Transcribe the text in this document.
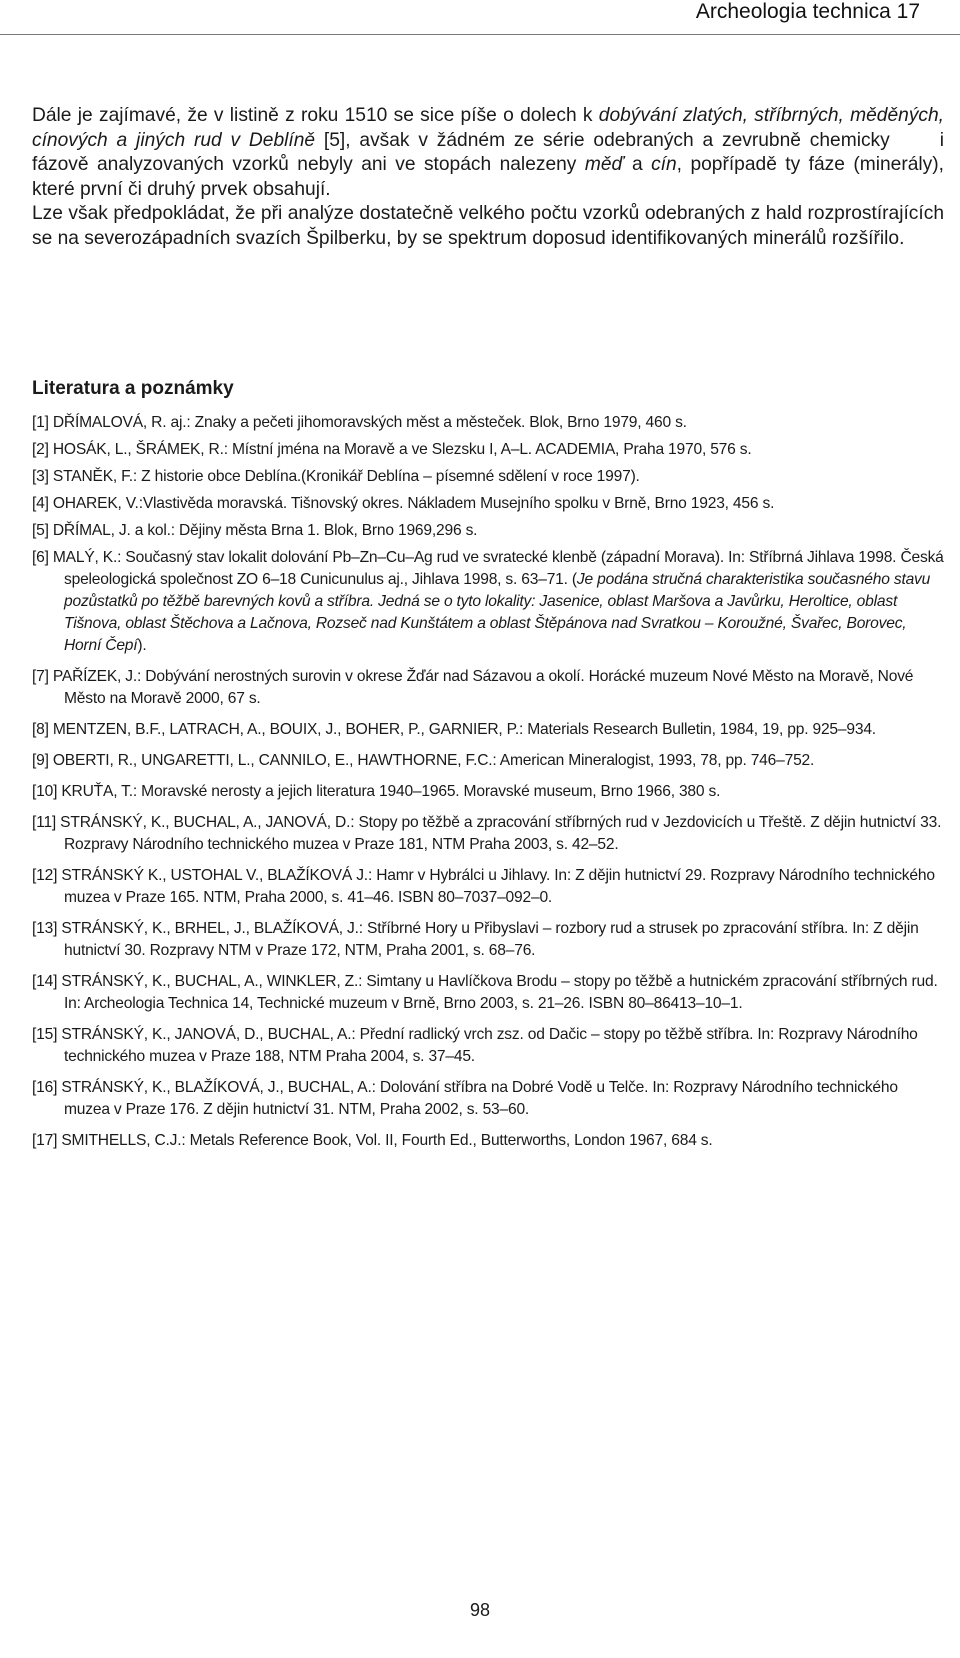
Archeologia technica 17

Dále je zajímavé, že v listině z roku 1510 se sice píše o dolech k dobývání zlatých, stříbrných, měděných, cínových a jiných rud v Deblíně [5], avšak v žádném ze série odebraných a zevrubně chemicky	i fázově analyzovaných vzorků nebyly ani ve stopách nalezeny měď a cín, popřípadě ty fáze (minerály), které první či druhý prvek obsahují.

Lze však předpokládat, že při analýze dostatečně velkého počtu vzorků odebraných z hald rozprostírajících se na severozápadních svazích Špilberku, by se spektrum doposud identifikovaných minerálů rozšířilo.

Literatura a poznámky

[1] DŘÍMALOVÁ, R. aj.: Znaky a pečeti jihomoravských měst a městeček. Blok, Brno 1979, 460 s.

[2] HOSÁK, L., ŠRÁMEK, R.: Místní jména na Moravě a ve Slezsku I, A–L. ACADEMIA, Praha 1970, 576 s.

[3] STANĚK, F.: Z historie obce Deblína.(Kronikář Deblína – písemné sdělení v roce 1997).

[4] OHAREK, V.:Vlastivěda moravská. Tišnovský okres. Nákladem Musejního spolku v Brně, Brno 1923, 456 s.

[5] DŘÍMAL, J. a kol.: Dějiny města Brna 1. Blok, Brno 1969,296 s.

[6] MALÝ, K.: Současný stav lokalit dolování Pb–Zn–Cu–Ag rud ve svratecké klenbě (západní Morava). In: Stříbrná Jihlava 1998. Česká speleologická společnost ZO 6–18 Cunicunulus aj., Jihlava 1998, s. 63–71. (Je podána stručná charakteristika současného stavu pozůstatků po těžbě barevných kovů a stříbra. Jedná se o tyto lokality: Jasenice, oblast Maršova a Javůrku, Heroltice, oblast Tišnova, oblast Štěchova a Lačnova, Rozseč nad Kunštátem a oblast Štěpánova nad Svratkou – Koroužné, Švařec, Borovec, Horní Čepí).

[7] PAŘÍZEK, J.: Dobývání nerostných surovin v okrese Žďár nad Sázavou a okolí. Horácké muzeum Nové Město na Moravě, Nové Město na Moravě 2000, 67 s.

[8] MENTZEN, B.F., LATRACH, A., BOUIX, J., BOHER, P., GARNIER, P.: Materials Research Bulletin, 1984, 19, pp. 925–934.

[9] OBERTI, R., UNGARETTI, L., CANNILO, E., HAWTHORNE, F.C.: American Mineralogist, 1993, 78, pp. 746–752.

[10] KRUŤA, T.: Moravské nerosty a jejich literatura 1940–1965. Moravské museum, Brno 1966, 380 s.

[11] STRÁNSKÝ, K., BUCHAL, A., JANOVÁ, D.: Stopy po těžbě a zpracování stříbrných rud v Jezdovicích u Třeště. Z dějin hutnictví 33. Rozpravy Národního technického muzea v Praze 181, NTM Praha 2003, s. 42–52.

[12] STRÁNSKÝ K., USTOHAL V., BLAŽÍKOVÁ J.: Hamr v Hybrálci u Jihlavy. In: Z dějin hutnictví 29. Rozpravy Národního technického muzea v Praze 165. NTM, Praha 2000, s. 41–46. ISBN 80–7037–092–0.

[13] STRÁNSKÝ, K., BRHEL, J., BLAŽÍKOVÁ, J.: Stříbrné Hory u Přibyslavi – rozbory rud a strusek po zpracování stříbra. In: Z dějin hutnictví 30. Rozpravy NTM v Praze 172, NTM, Praha 2001, s. 68–76.

[14] STRÁNSKÝ, K., BUCHAL, A., WINKLER, Z.: Simtany u Havlíčkova Brodu – stopy po těžbě a hutnickém zpracování stříbrných rud. In: Archeologia Technica 14, Technické muzeum v Brně, Brno 2003, s. 21–26. ISBN 80–86413–10–1.

[15] STRÁNSKÝ, K., JANOVÁ, D., BUCHAL, A.: Přední radlický vrch zsz. od Dačic – stopy po těžbě stříbra. In: Rozpravy Národního technického muzea v Praze 188, NTM Praha 2004, s. 37–45.

[16] STRÁNSKÝ, K., BLAŽÍKOVÁ, J., BUCHAL, A.: Dolování stříbra na Dobré Vodě u Telče. In: Rozpravy Národního technického muzea v Praze 176. Z dějin hutnictví 31. NTM, Praha 2002, s. 53–60.

[17] SMITHELLS, C.J.: Metals Reference Book, Vol. II, Fourth Ed., Butterworths, London 1967, 684 s.

98
